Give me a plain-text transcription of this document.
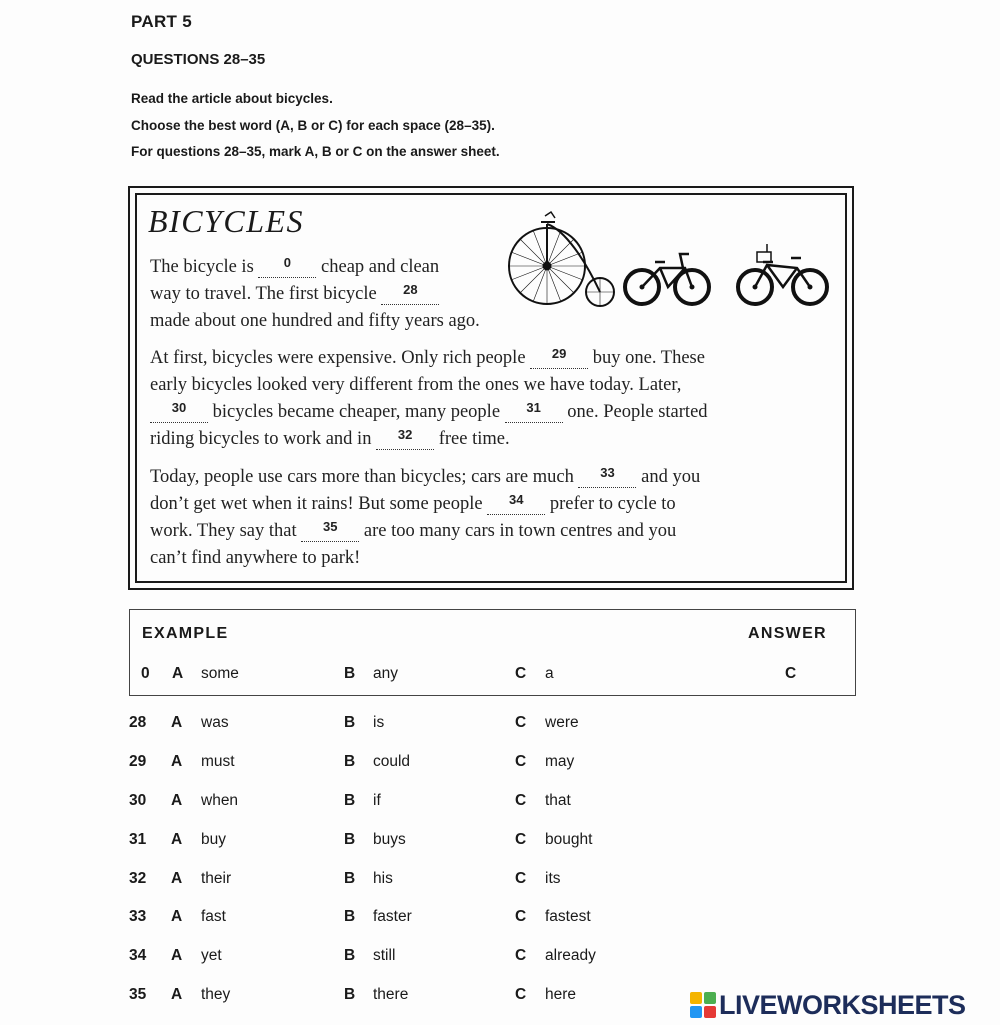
PART 5
QUESTIONS 28–35
Read the article about bicycles.
Choose the best word (A, B or C) for each space (28–35).
For questions 28–35, mark A, B or C on the answer sheet.
BICYCLES
The bicycle is 0 cheap and clean
way to travel. The first bicycle 28
made about one hundred and fifty years ago.
At first, bicycles were expensive. Only rich people 29 buy one. These
early bicycles looked very different from the ones we have today. Later,
30 bicycles became cheaper, many people 31 one. People started
riding bicycles to work and in 32 free time.
Today, people use cars more than bicycles; cars are much 33 and you
don’t get wet when it rains! But some people 34 prefer to cycle to
work. They say that 35 are too many cars in town centres and you
can’t find anywhere to park!
EXAMPLE	ANSWER
0 A some	B any	C a	C
28 A was	B is	C were
29 A must	B could	C may
30 A when	B if	C that
31 A buy	B buys	C bought
32 A their	B his	C its
33 A fast	B faster	C fastest
34 A yet	B still	C already
35 A they	B there	C here	LIVEWORKSHEETS
